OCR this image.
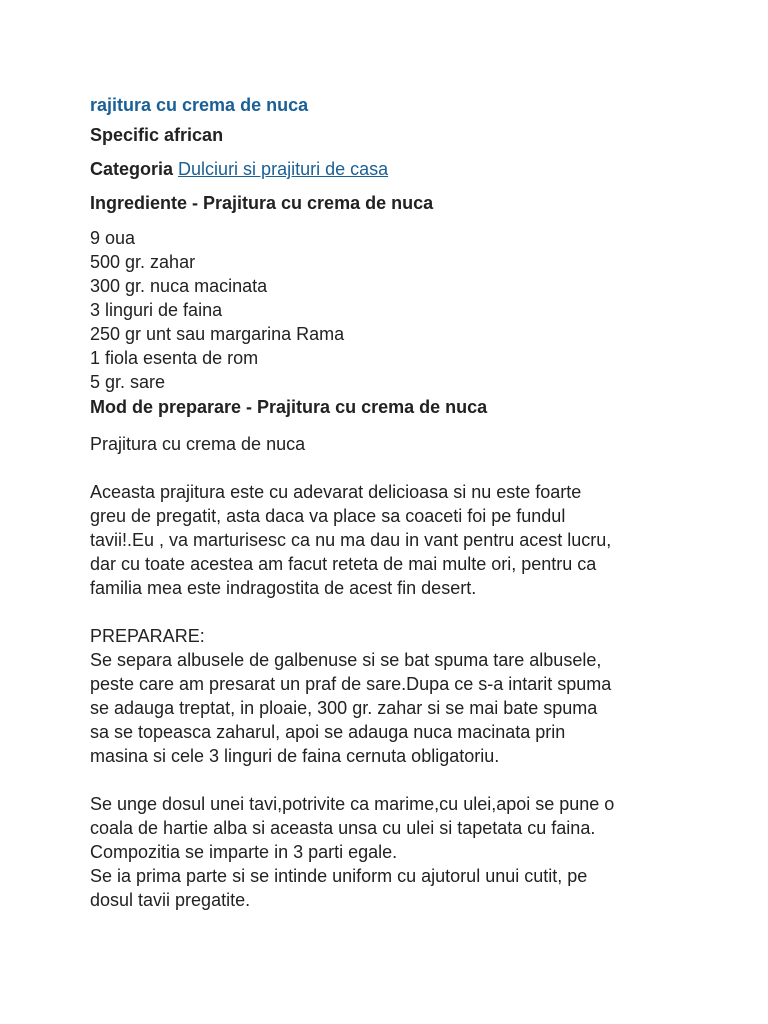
rajitura cu crema de nuca

Specific african

Categoria Dulciuri si prajituri de casa

Ingrediente - Prajitura cu crema de nuca

9 oua
500 gr. zahar
300 gr. nuca macinata
3 linguri de faina
250 gr unt sau margarina Rama
1 fiola esenta de rom
5 gr. sare

Mod de preparare - Prajitura cu crema de nuca

Prajitura cu crema de nuca

Aceasta prajitura este cu adevarat delicioasa si nu este foarte
greu de pregatit, asta daca va place sa coaceti foi pe fundul
tavii!.Eu , va marturisesc ca nu ma dau in vant pentru acest lucru,
dar cu toate acestea am facut reteta de mai multe ori, pentru ca
familia mea este indragostita de acest fin desert.

PREPARARE:

Se separa albusele de galbenuse si se bat spuma tare albusele,
peste care am presarat un praf de sare.Dupa ce s-a intarit spuma
se adauga treptat, in ploaie, 300 gr. zahar si se mai bate spuma
sa se topeasca zaharul, apoi se adauga nuca macinata prin
masina si cele 3 linguri de faina cernuta obligatoriu.

Se unge dosul unei tavi,potrivite ca marime,cu ulei,apoi se pune o
coala de hartie alba si aceasta unsa cu ulei si tapetata cu faina.
Compozitia se imparte in 3 parti egale.
Se ia prima parte si se intinde uniform cu ajutorul unui cutit, pe
dosul tavii pregatite.
